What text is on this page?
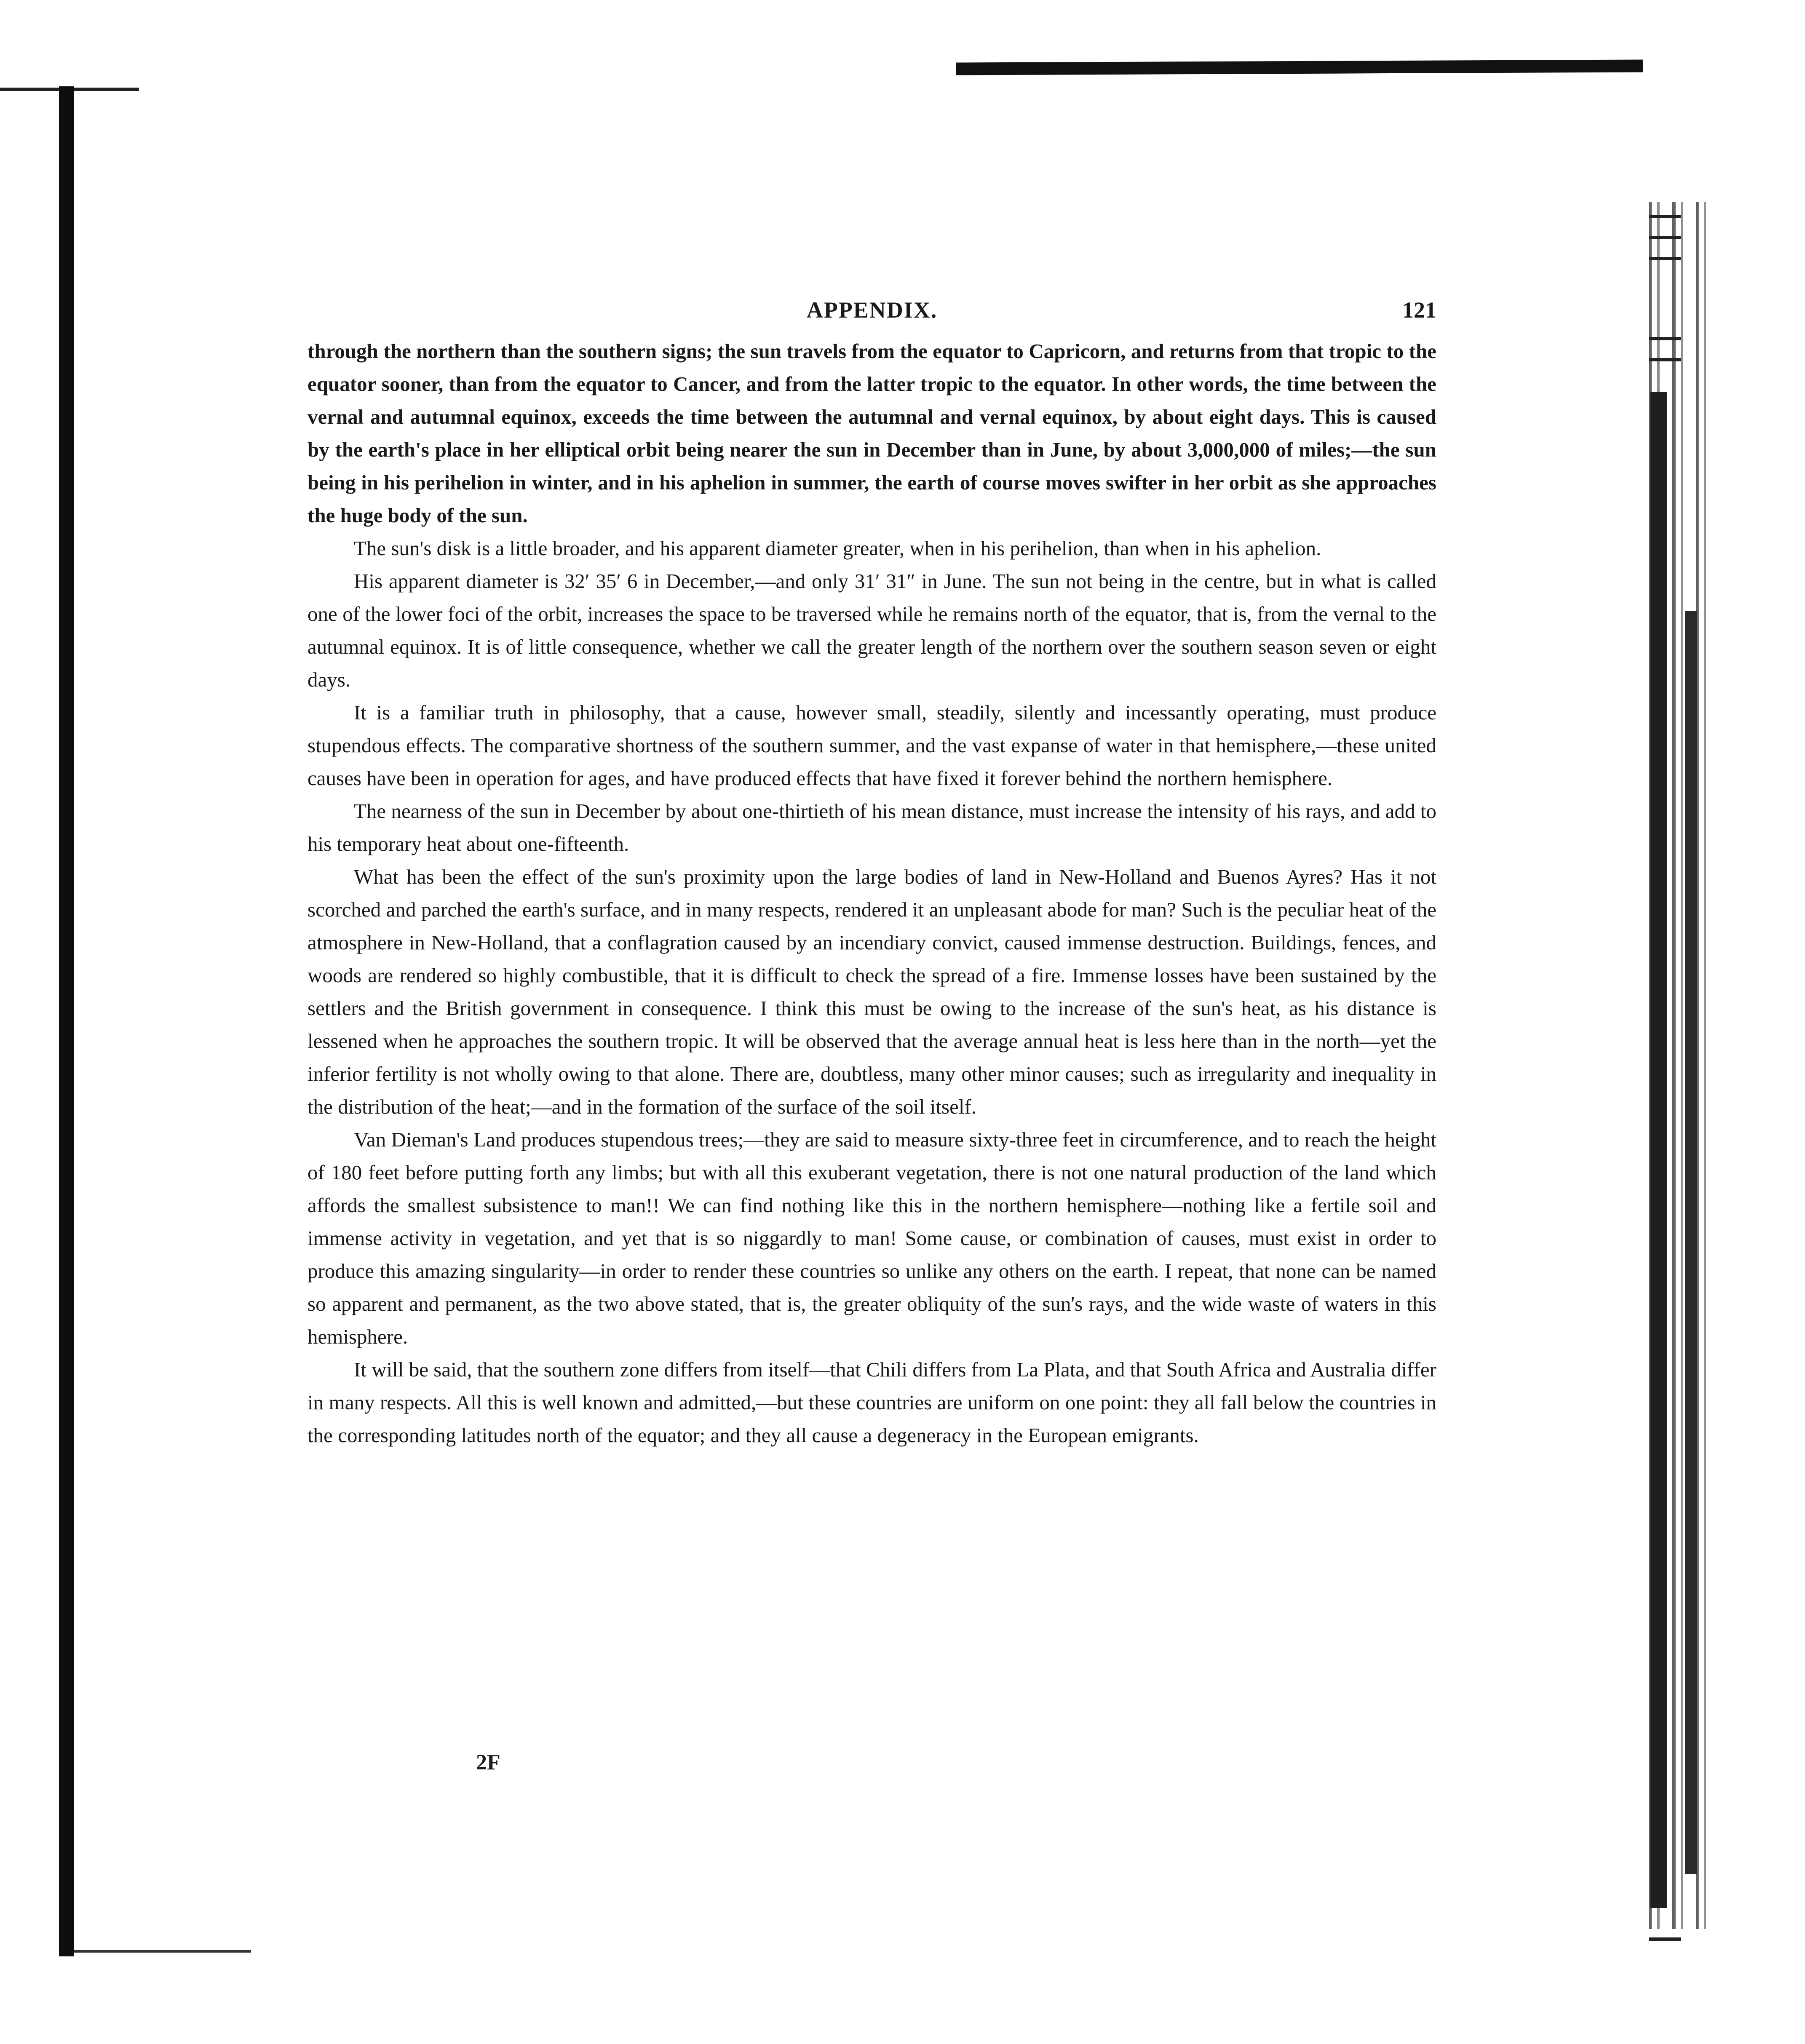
APPENDIX.	121

through the northern than the southern signs; the sun travels from the equator to Capricorn, and returns from that tropic to the equator sooner, than from the equator to Cancer, and from the latter tropic to the equator. In other words, the time between the vernal and autumnal equinox, exceeds the time between the autumnal and vernal equinox, by about eight days. This is caused by the earth's place in her elliptical orbit being nearer the sun in December than in June, by about 3,000,000 of miles;—the sun being in his perihelion in winter, and in his aphelion in summer, the earth of course moves swifter in her orbit as she approaches the huge body of the sun.

The sun's disk is a little broader, and his apparent diameter greater, when in his perihelion, than when in his aphelion.

His apparent diameter is 32′ 35′ 6 in December,—and only 31′ 31″ in June. The sun not being in the centre, but in what is called one of the lower foci of the orbit, increases the space to be traversed while he remains north of the equator, that is, from the vernal to the autumnal equinox. It is of little consequence, whether we call the greater length of the northern over the southern season seven or eight days.

It is a familiar truth in philosophy, that a cause, however small, steadily, silently and incessantly operating, must produce stupendous effects. The comparative shortness of the southern summer, and the vast expanse of water in that hemisphere,—these united causes have been in operation for ages, and have produced effects that have fixed it forever behind the northern hemisphere.

The nearness of the sun in December by about one-thirtieth of his mean distance, must increase the intensity of his rays, and add to his temporary heat about one-fifteenth.

What has been the effect of the sun's proximity upon the large bodies of land in New-Holland and Buenos Ayres? Has it not scorched and parched the earth's surface, and in many respects, rendered it an unpleasant abode for man? Such is the peculiar heat of the atmosphere in New-Holland, that a conflagration caused by an incendiary convict, caused immense destruction. Buildings, fences, and woods are rendered so highly combustible, that it is difficult to check the spread of a fire. Immense losses have been sustained by the settlers and the British government in consequence. I think this must be owing to the increase of the sun's heat, as his distance is lessened when he approaches the southern tropic. It will be observed that the average annual heat is less here than in the north—yet the inferior fertility is not wholly owing to that alone. There are, doubtless, many other minor causes; such as irregularity and inequality in the distribution of the heat;—and in the formation of the surface of the soil itself.

Van Dieman's Land produces stupendous trees;—they are said to measure sixty-three feet in circumference, and to reach the height of 180 feet before putting forth any limbs; but with all this exuberant vegetation, there is not one natural production of the land which affords the smallest subsistence to man!! We can find nothing like this in the northern hemisphere—nothing like a fertile soil and immense activity in vegetation, and yet that is so niggardly to man! Some cause, or combination of causes, must exist in order to produce this amazing singularity—in order to render these countries so unlike any others on the earth. I repeat, that none can be named so apparent and permanent, as the two above stated, that is, the greater obliquity of the sun's rays, and the wide waste of waters in this hemisphere.

It will be said, that the southern zone differs from itself—that Chili differs from La Plata, and that South Africa and Australia differ in many respects. All this is well known and admitted,—but these countries are uniform on one point: they all fall below the countries in the corresponding latitudes north of the equator; and they all cause a degeneracy in the European emigrants.

2F
